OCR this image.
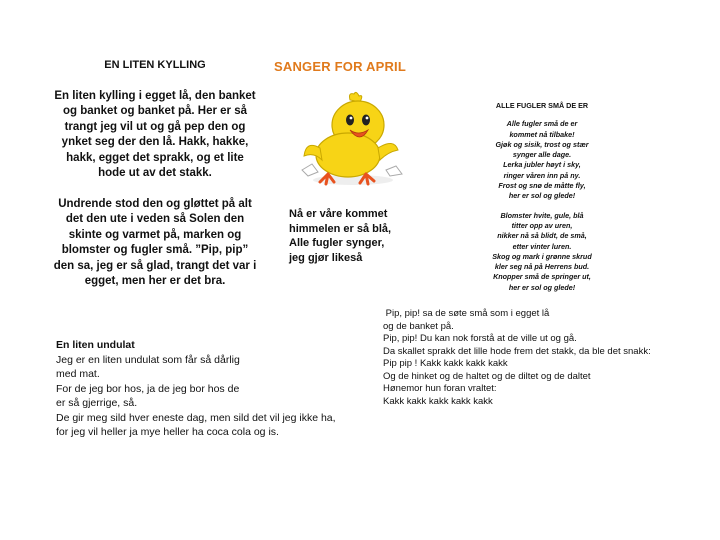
EN LITEN KYLLING
En liten kylling i egget lå, den banket og banket og banket på. Her er så trangt jeg vil ut og gå pep den og ynket seg der den lå. Hakk, hakke, hakk, egget det sprakk, og et lite hode ut av det stakk.
Undrende stod den og gløttet på alt det den ute i veden så Solen den skinte og varmet på, marken og blomster og fugler små. ”Pip, pip” den sa, jeg er så glad, trangt det var i egget, men her er det bra.
SANGER FOR APRIL
Nå er våre kommet
himmelen er så blå,
Alle fugler synger,
jeg gjør likeså
ALLE FUGLER SMÅ DE ER
Alle fugler små de er
kommet nå tilbake!
Gjøk og sisik, trost og stær
synger alle dage.
Lerka jubler høyt i sky,
ringer våren inn på ny.
Frost og snø de måtte fly,
her er sol og glede!
Blomster hvite, gule, blå
titter opp av uren,
nikker nå så blidt, de små,
etter vinter luren.
Skog og mark i grønne skrud
kler seg nå på Herrens bud.
Knopper små de springer ut,
her er sol og glede!
En liten undulat
Jeg er en liten undulat som får så dårlig
med mat.
For de jeg bor hos, ja de jeg bor hos de
er så gjerrige, så.
De gir meg sild hver eneste dag, men sild det vil jeg ikke ha,
for jeg vil heller ja mye heller ha coca cola og is.
Pip, pip! sa de søte små som i egget lå
og de banket på.
Pip, pip! Du kan nok forstå at de ville ut og gå.
Da skallet sprakk det lille hode frem det stakk, da ble det snakk:
Pip pip ! Kakk kakk kakk kakk
Og de hinket og de haltet og de diltet og de daltet
Hønemor hun foran vraltet:
Kakk kakk kakk kakk kakk
